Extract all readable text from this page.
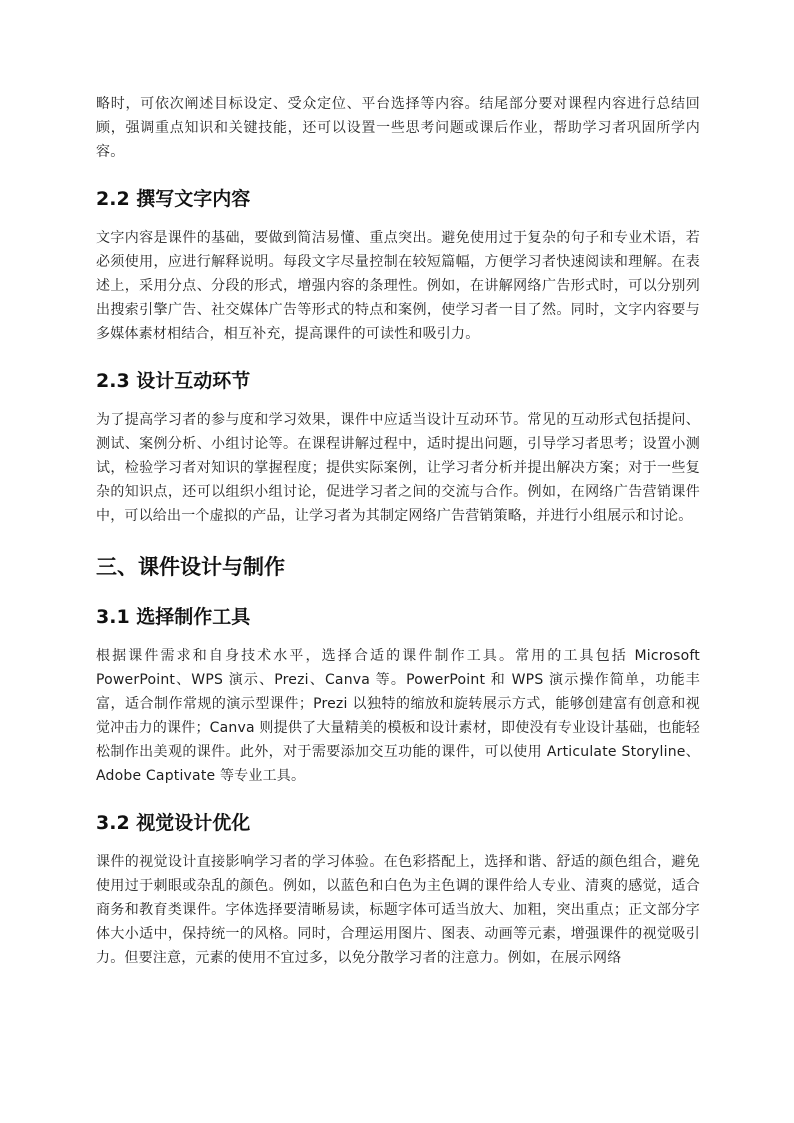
略时，可依次阐述目标设定、受众定位、平台选择等内容。结尾部分要对课程内容进行总结回顾，强调重点知识和关键技能，还可以设置一些思考问题或课后作业，帮助学习者巩固所学内容。

2.2 撰写文字内容

文字内容是课件的基础，要做到简洁易懂、重点突出。避免使用过于复杂的句子和专业术语，若必须使用，应进行解释说明。每段文字尽量控制在较短篇幅，方便学习者快速阅读和理解。在表述上，采用分点、分段的形式，增强内容的条理性。例如，在讲解网络广告形式时，可以分别列出搜索引擎广告、社交媒体广告等形式的特点和案例，使学习者一目了然。同时，文字内容要与多媒体素材相结合，相互补充，提高课件的可读性和吸引力。

2.3 设计互动环节

为了提高学习者的参与度和学习效果，课件中应适当设计互动环节。常见的互动形式包括提问、测试、案例分析、小组讨论等。在课程讲解过程中，适时提出问题，引导学习者思考；设置小测试，检验学习者对知识的掌握程度；提供实际案例，让学习者分析并提出解决方案；对于一些复杂的知识点，还可以组织小组讨论，促进学习者之间的交流与合作。例如，在网络广告营销课件中，可以给出一个虚拟的产品，让学习者为其制定网络广告营销策略，并进行小组展示和讨论。

三、课件设计与制作
3.1 选择制作工具

根据课件需求和自身技术水平，选择合适的课件制作工具。常用的工具包括 Microsoft PowerPoint、WPS 演示、Prezi、Canva 等。PowerPoint 和 WPS 演示操作简单，功能丰富，适合制作常规的演示型课件；Prezi 以独特的缩放和旋转展示方式，能够创建富有创意和视觉冲击力的课件；Canva 则提供了大量精美的模板和设计素材，即使没有专业设计基础，也能轻松制作出美观的课件。此外，对于需要添加交互功能的课件，可以使用 Articulate Storyline、Adobe Captivate 等专业工具。

3.2 视觉设计优化

课件的视觉设计直接影响学习者的学习体验。在色彩搭配上，选择和谐、舒适的颜色组合，避免使用过于刺眼或杂乱的颜色。例如，以蓝色和白色为主色调的课件给人专业、清爽的感觉，适合商务和教育类课件。字体选择要清晰易读，标题字体可适当放大、加粗，突出重点；正文部分字体大小适中，保持统一的风格。同时，合理运用图片、图表、动画等元素，增强课件的视觉吸引力。但要注意，元素的使用不宜过多，以免分散学习者的注意力。例如，在展示网络
